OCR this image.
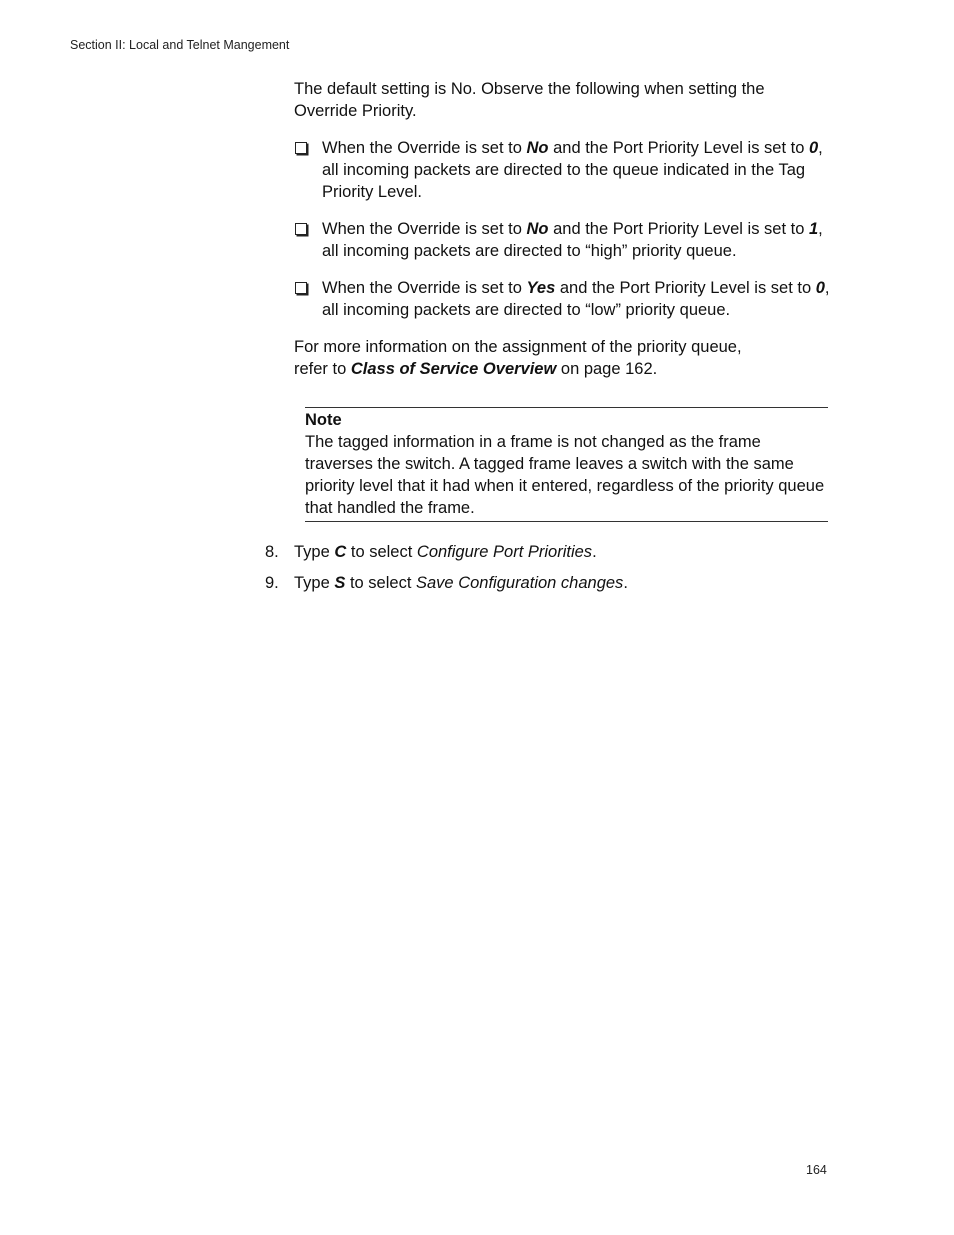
Section II: Local and Telnet Mangement

The default setting is No. Observe the following when setting the
Override Priority.

When the Override is set to No and the Port Priority Level is set to 0, all incoming packets are directed to the queue indicated in the Tag Priority Level.
When the Override is set to No and the Port Priority Level is set to 1, all incoming packets are directed to “high” priority queue.
When the Override is set to Yes and the Port Priority Level is set to 0, all incoming packets are directed to “low” priority queue.

For more information on the assignment of the priority queue,
refer to Class of Service Overview on page 162.

Note
The tagged information in a frame is not changed as the frame traverses the switch. A tagged frame leaves a switch with the same priority level that it had when it entered, regardless of the priority queue that handled the frame.
8. Type C to select Configure Port Priorities.
9. Type S to select Save Configuration changes.
164
